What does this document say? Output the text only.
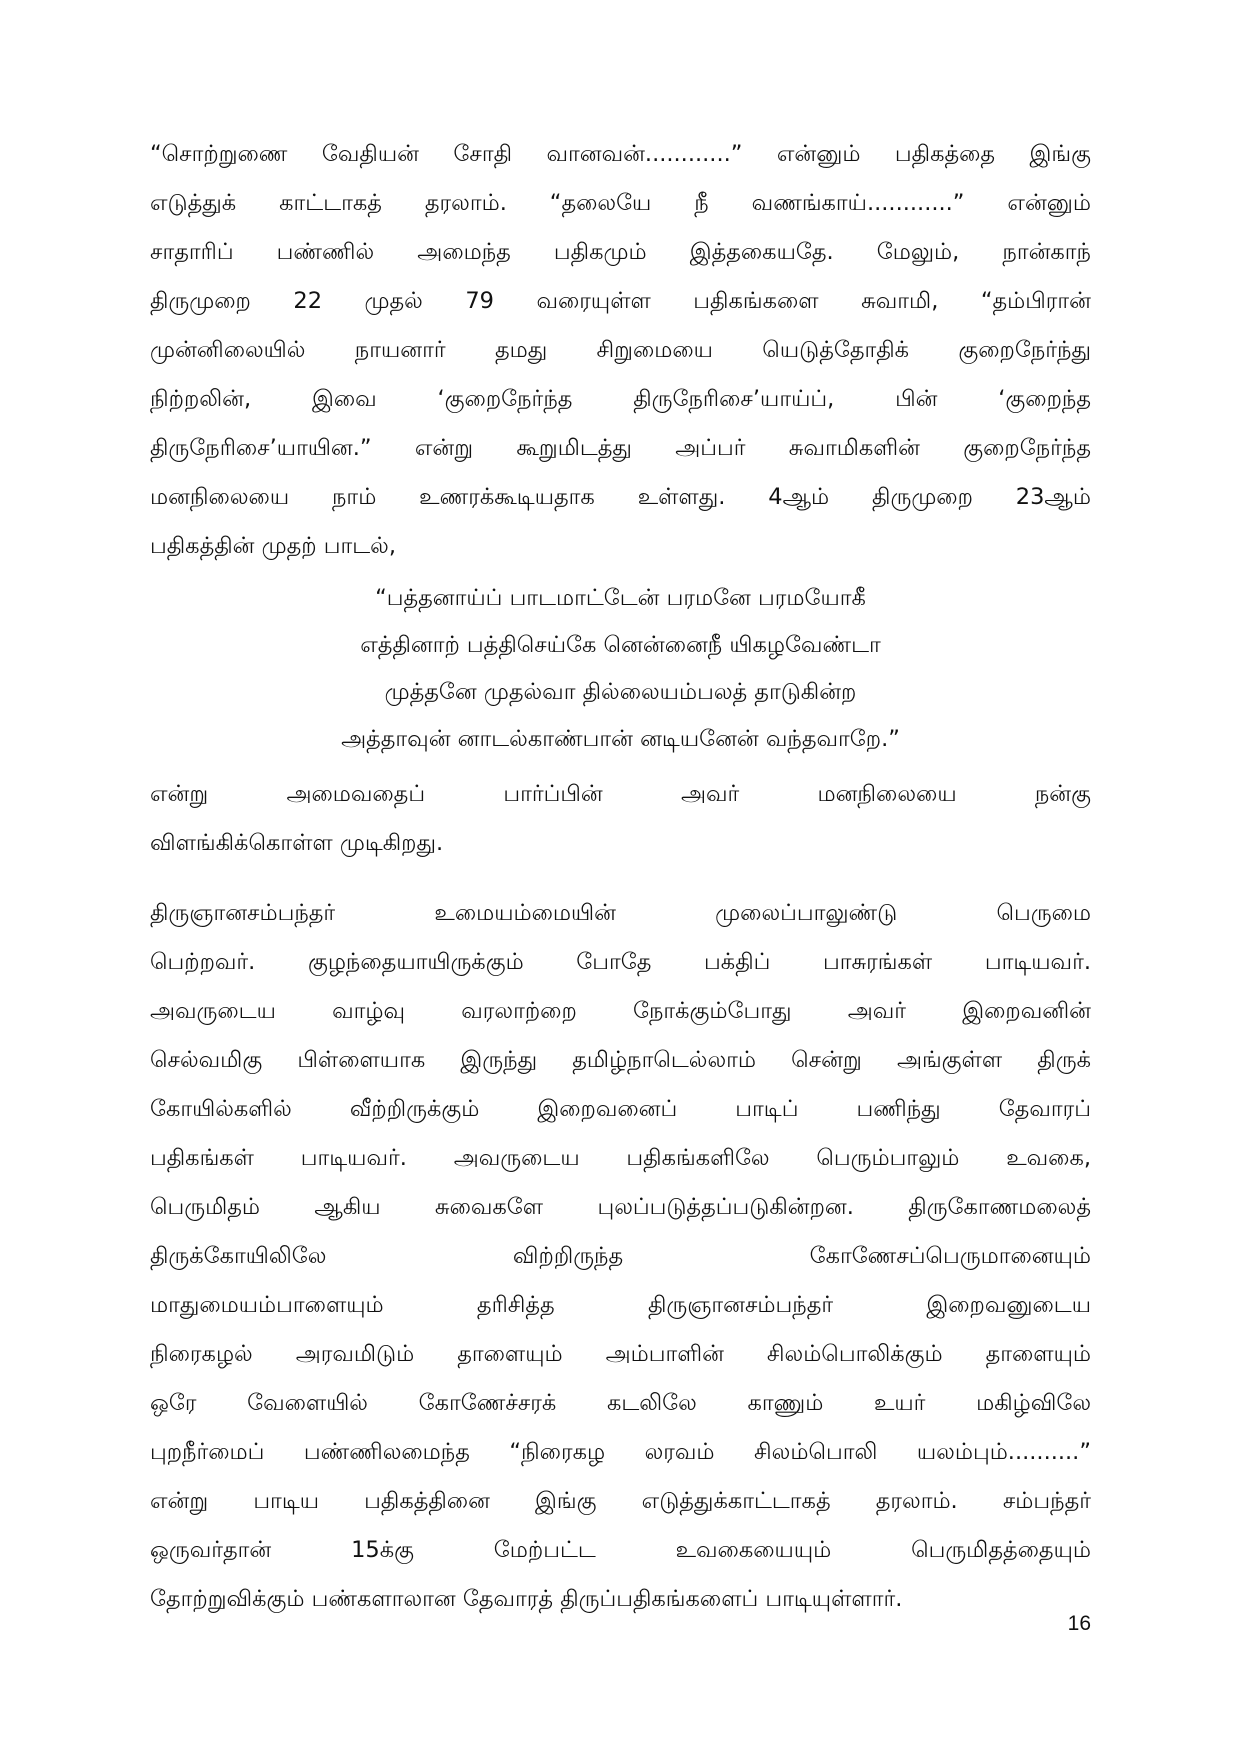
“சொற்றுணை வேதியன் சோதி வானவன்............” என்னும் பதிகத்தை இங்கு
எடுத்துக் காட்டாகத் தரலாம். “தலையே நீ வணங்காய்............” என்னும்
சாதாரிப் பண்ணில் அமைந்த பதிகமும் இத்தகையதே. மேலும், நான்காந்
திருமுறை 22 முதல் 79 வரையுள்ள பதிகங்களை சுவாமி, “தம்பிரான்
முன்னிலையில் நாயனார் தமது சிறுமையை யெடுத்தோதிக் குறைநேர்ந்து
நிற்றலின், இவை ‘குறைநேர்ந்த திருநேரிசை’யாய்ப், பின் ‘குறைந்த
திருநேரிசை’யாயின.” என்று கூறுமிடத்து அப்பர் சுவாமிகளின் குறைநேர்ந்த
மனநிலையை நாம் உணரக்கூடியதாக உள்ளது. 4ஆம் திருமுறை 23ஆம்
பதிகத்தின் முதற் பாடல்,
“பத்தனாய்ப் பாடமாட்டேன் பரமனே பரமயோகீ
எத்தினாற் பத்திசெய்கே னென்னைநீ யிகழவேண்டா
முத்தனே முதல்வா தில்லையம்பலத் தாடுகின்ற
அத்தாவுன் னாடல்காண்பான் னடியனேன் வந்தவாறே.”
என்று அமைவதைப் பார்ப்பின் அவர் மனநிலையை நன்கு
விளங்கிக்கொள்ள முடிகிறது.
திருஞானசம்பந்தர் உமையம்மையின் முலைப்பாலுண்டு பெருமை
பெற்றவர். குழந்தையாயிருக்கும் போதே பக்திப் பாசுரங்கள் பாடியவர்.
அவருடைய வாழ்வு வரலாற்றை நோக்கும்போது அவர் இறைவனின்
செல்வமிகு பிள்ளையாக இருந்து தமிழ்நாடெல்லாம் சென்று அங்குள்ள திருக்
கோயில்களில் வீற்றிருக்கும் இறைவனைப் பாடிப் பணிந்து தேவாரப்
பதிகங்கள் பாடியவர். அவருடைய பதிகங்களிலே பெரும்பாலும் உவகை,
பெருமிதம் ஆகிய சுவைகளே புலப்படுத்தப்படுகின்றன. திருகோணமலைத்
திருக்கோயிலிலே விற்றிருந்த கோணேசப்பெருமானையும்
மாதுமையம்பாளையும் தரிசித்த திருஞானசம்பந்தர் இறைவனுடைய
நிரைகழல் அரவமிடும் தாளையும் அம்பாளின் சிலம்பொலிக்கும் தாளையும்
ஒரே வேளையில் கோணேச்சரக் கடலிலே காணும் உயர் மகிழ்விலே
புறநீர்மைப் பண்ணிலமைந்த “நிரைகழ லரவம் சிலம்பொலி யலம்பும்..........”
என்று பாடிய பதிகத்தினை இங்கு எடுத்துக்காட்டாகத் தரலாம். சம்பந்தர்
ஒருவர்தான் 15க்கு மேற்பட்ட உவகையையும் பெருமிதத்தையும்
தோற்றுவிக்கும் பண்களாலான தேவாரத் திருப்பதிகங்களைப் பாடியுள்ளார்.
16
